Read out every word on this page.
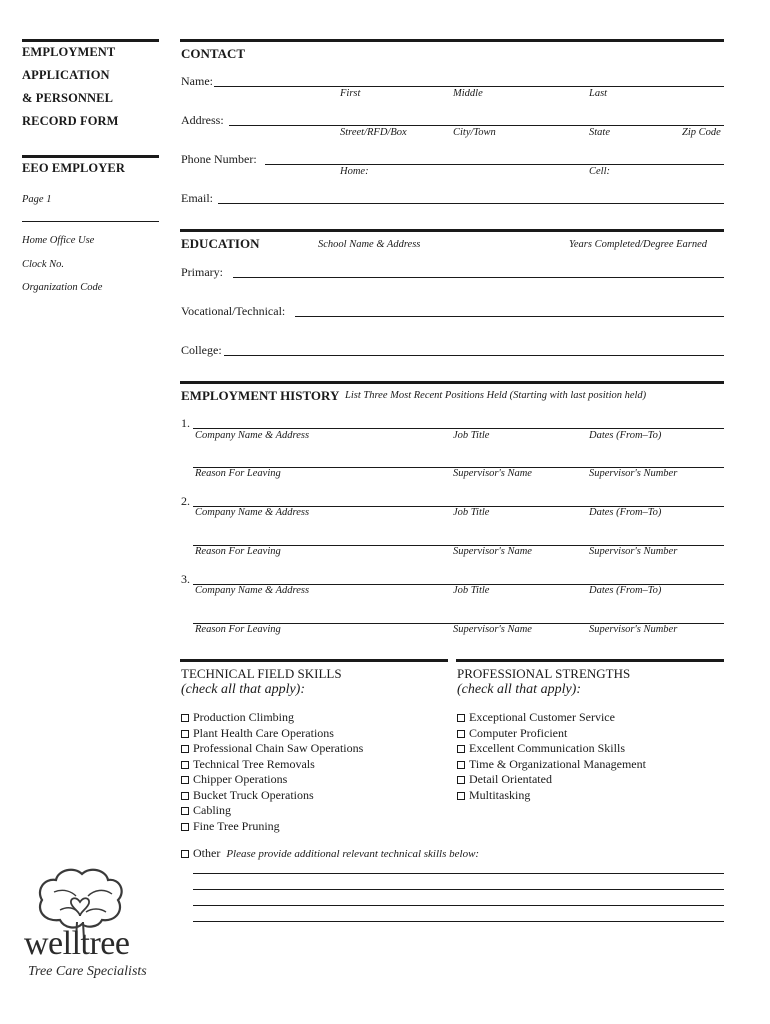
EMPLOYMENT
APPLICATION
& PERSONNEL
RECORD FORM
EEO EMPLOYER
Page 1
Home Office Use
Clock No.
Organization Code
CONTACT
Name:
First	Middle	Last
Address:
Street/RFD/Box	City/Town	State	Zip Code
Phone Number:
Home:	Cell:
Email:
EDUCATION	School Name & Address	Years Completed/Degree Earned
Primary:
Vocational/Technical:
College:
EMPLOYMENT HISTORY List Three Most Recent Positions Held (Starting with last position held)
1.
Company Name & Address	Job Title	Dates (From–To)
Reason For Leaving	Supervisor's Name	Supervisor's Number
2.
Company Name & Address	Job Title	Dates (From–To)
Reason For Leaving	Supervisor's Name	Supervisor's Number
3.
Company Name & Address	Job Title	Dates (From–To)
Reason For Leaving	Supervisor's Name	Supervisor's Number
TECHNICAL FIELD SKILLS
(check all that apply):
Production Climbing
Plant Health Care Operations
Professional Chain Saw Operations
Technical Tree Removals
Chipper Operations
Bucket Truck Operations
Cabling
Fine Tree Pruning
PROFESSIONAL STRENGTHS
(check all that apply):
Exceptional Customer Service
Computer Proficient
Excellent Communication Skills
Time & Organizational Management
Detail Orientated
Multitasking
Other Please provide additional relevant technical skills below:
welltree
Tree Care Specialists
